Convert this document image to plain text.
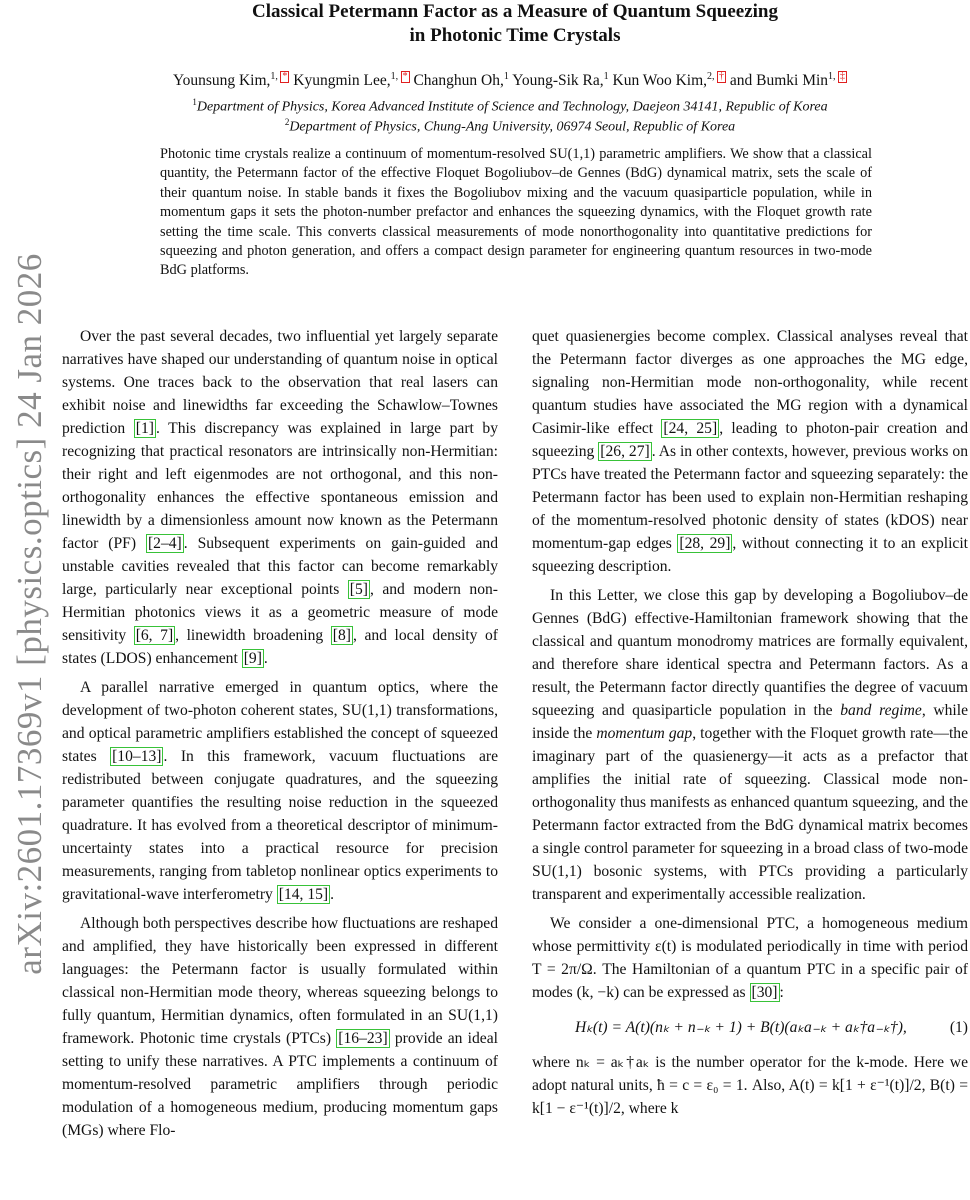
arXiv:2601.17369v1 [physics.optics] 24 Jan 2026
Classical Petermann Factor as a Measure of Quantum Squeezing
in Photonic Time Crystals
Younsung Kim,$^{1,}$ * Kyungmin Lee,$^{1,}$ * Changhun Oh,$^1$ Young-Sik Ra,$^1$ Kun Woo Kim,$^{2,}$ † and Bumki Min$^{1,}$ ‡
$^1$Department of Physics, Korea Advanced Institute of Science and Technology, Daejeon 34141, Republic of Korea
$^2$Department of Physics, Chung-Ang University, 06974 Seoul, Republic of Korea
Photonic time crystals realize a continuum of momentum-resolved SU(1,1) parametric amplifiers. We show that a classical quantity, the Petermann factor of the effective Floquet Bogoliubov–de Gennes (BdG) dynamical matrix, sets the scale of their quantum noise. In stable bands it fixes the Bogoliubov mixing and the vacuum quasiparticle population, while in momentum gaps it sets the photon-number prefactor and enhances the squeezing dynamics, with the Floquet growth rate setting the time scale. This converts classical measurements of mode nonorthogonality into quantitative predictions for squeezing and photon generation, and offers a compact design parameter for engineering quantum resources in two-mode BdG platforms.

Over the past several decades, two influential yet largely separate narratives have shaped our understanding of quantum noise in optical systems. One traces back to the observation that real lasers can exhibit noise and linewidths far exceeding the Schawlow–Townes prediction [1] . This discrepancy was explained in large part by recognizing that practical resonators are intrinsically non-Hermitian: their right and left eigenmodes are not orthogonal, and this non-orthogonality enhances the effective spontaneous emission and linewidth by a dimensionless amount now known as the Petermann factor (PF) [2–4] . Subsequent experiments on gain-guided and unstable cavities revealed that this factor can become remarkably large, particularly near exceptional points [5] , and modern non-Hermitian photonics views it as a geometric measure of mode sensitivity [6, 7] , linewidth broadening [8] , and local density of states (LDOS) enhancement [9] .

A parallel narrative emerged in quantum optics, where the development of two-photon coherent states, SU(1,1) transformations, and optical parametric amplifiers established the concept of squeezed states [10–13] . In this framework, vacuum fluctuations are redistributed between conjugate quadratures, and the squeezing parameter quantifies the resulting noise reduction in the squeezed quadrature. It has evolved from a theoretical descriptor of minimum-uncertainty states into a practical resource for precision measurements, ranging from tabletop nonlinear optics experiments to gravitational-wave interferometry [14, 15] .

Although both perspectives describe how fluctuations are reshaped and amplified, they have historically been expressed in different languages: the Petermann factor is usually formulated within classical non-Hermitian mode theory, whereas squeezing belongs to fully quantum, Hermitian dynamics, often formulated in an SU(1,1) framework. Photonic time crystals (PTCs) [16–23] provide an ideal setting to unify these narratives. A PTC implements a continuum of momentum-resolved parametric amplifiers through periodic modulation of a homogeneous medium, producing momentum gaps (MGs) where Flo-

quet quasienergies become complex. Classical analyses reveal that the Petermann factor diverges as one approaches the MG edge, signaling non-Hermitian mode non-orthogonality, while recent quantum studies have associated the MG region with a dynamical Casimir-like effect [24, 25] , leading to photon-pair creation and squeezing [26, 27] . As in other contexts, however, previous works on PTCs have treated the Petermann factor and squeezing separately: the Petermann factor has been used to explain non-Hermitian reshaping of the momentum-resolved photonic density of states (kDOS) near momentum-gap edges [28, 29] , without connecting it to an explicit squeezing description.

In this Letter, we close this gap by developing a Bogoliubov–de Gennes (BdG) effective-Hamiltonian framework showing that the classical and quantum monodromy matrices are formally equivalent, and therefore share identical spectra and Petermann factors. As a result, the Petermann factor directly quantifies the degree of vacuum squeezing and quasiparticle population in the band regime, while inside the momentum gap, together with the Floquet growth rate—the imaginary part of the quasienergy—it acts as a prefactor that amplifies the initial rate of squeezing. Classical mode non-orthogonality thus manifests as enhanced quantum squeezing, and the Petermann factor extracted from the BdG dynamical matrix becomes a single control parameter for squeezing in a broad class of two-mode SU(1,1) bosonic systems, with PTCs providing a particularly transparent and experimentally accessible realization.

We consider a one-dimensional PTC, a homogeneous medium whose permittivity ε(t) is modulated periodically in time with period T = 2π/Ω. The Hamiltonian of a quantum PTC in a specific pair of modes (k, −k) can be expressed as [30] :

(1)
Hₖ(t) = A(t)(nₖ + n₋ₖ + 1) + B(t)(aₖa₋ₖ + aₖ†a₋ₖ†),

where nₖ = aₖ†aₖ is the number operator for the k-mode. Here we adopt natural units, ħ = c = ε₀ = 1. Also, A(t) = k[1 + ε⁻¹(t)]/2, B(t) = k[1 − ε⁻¹(t)]/2, where k
